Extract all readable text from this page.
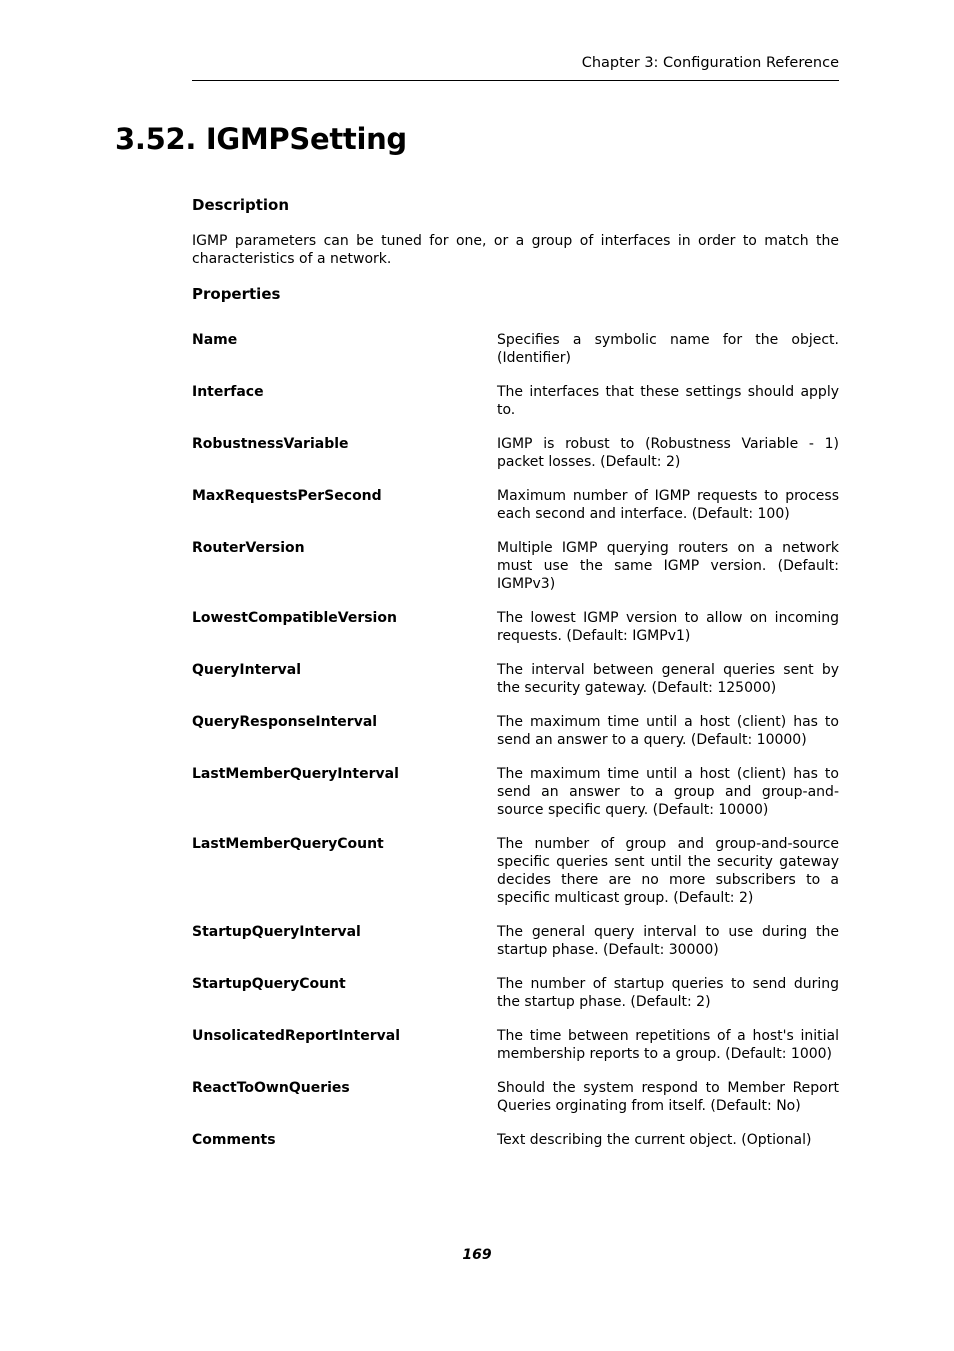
Chapter 3: Configuration Reference
3.52. IGMPSetting
Description

IGMP parameters can be tuned for one, or a group of interfaces in order to match the characteristics of a network.

Properties
Name	Specifies a symbolic name for the object. (Identifier)
Interface	The interfaces that these settings should apply to.
RobustnessVariable	IGMP is robust to (Robustness Variable - 1) packet losses. (Default: 2)
MaxRequestsPerSecond	Maximum number of IGMP requests to process each second and interface. (Default: 100)
RouterVersion	Multiple IGMP querying routers on a network must use the same IGMP version. (Default: IGMPv3)
LowestCompatibleVersion	The lowest IGMP version to allow on incoming requests. (Default: IGMPv1)
QueryInterval	The interval between general queries sent by the security gateway. (Default: 125000)
QueryResponseInterval	The maximum time until a host (client) has to send an answer to a query. (Default: 10000)
LastMemberQueryInterval	The maximum time until a host (client) has to send an answer to a group and group-and-source specific query. (Default: 10000)
LastMemberQueryCount	The number of group and group-and-source specific queries sent until the security gateway decides there are no more subscribers to a specific multicast group. (Default: 2)
StartupQueryInterval	The general query interval to use during the startup phase. (Default: 30000)
StartupQueryCount	The number of startup queries to send during the startup phase. (Default: 2)
UnsolicatedReportInterval	The time between repetitions of a host's initial membership reports to a group. (Default: 1000)
ReactToOwnQueries	Should the system respond to Member Report Queries orginating from itself. (Default: No)
Comments	Text describing the current object. (Optional)
169
